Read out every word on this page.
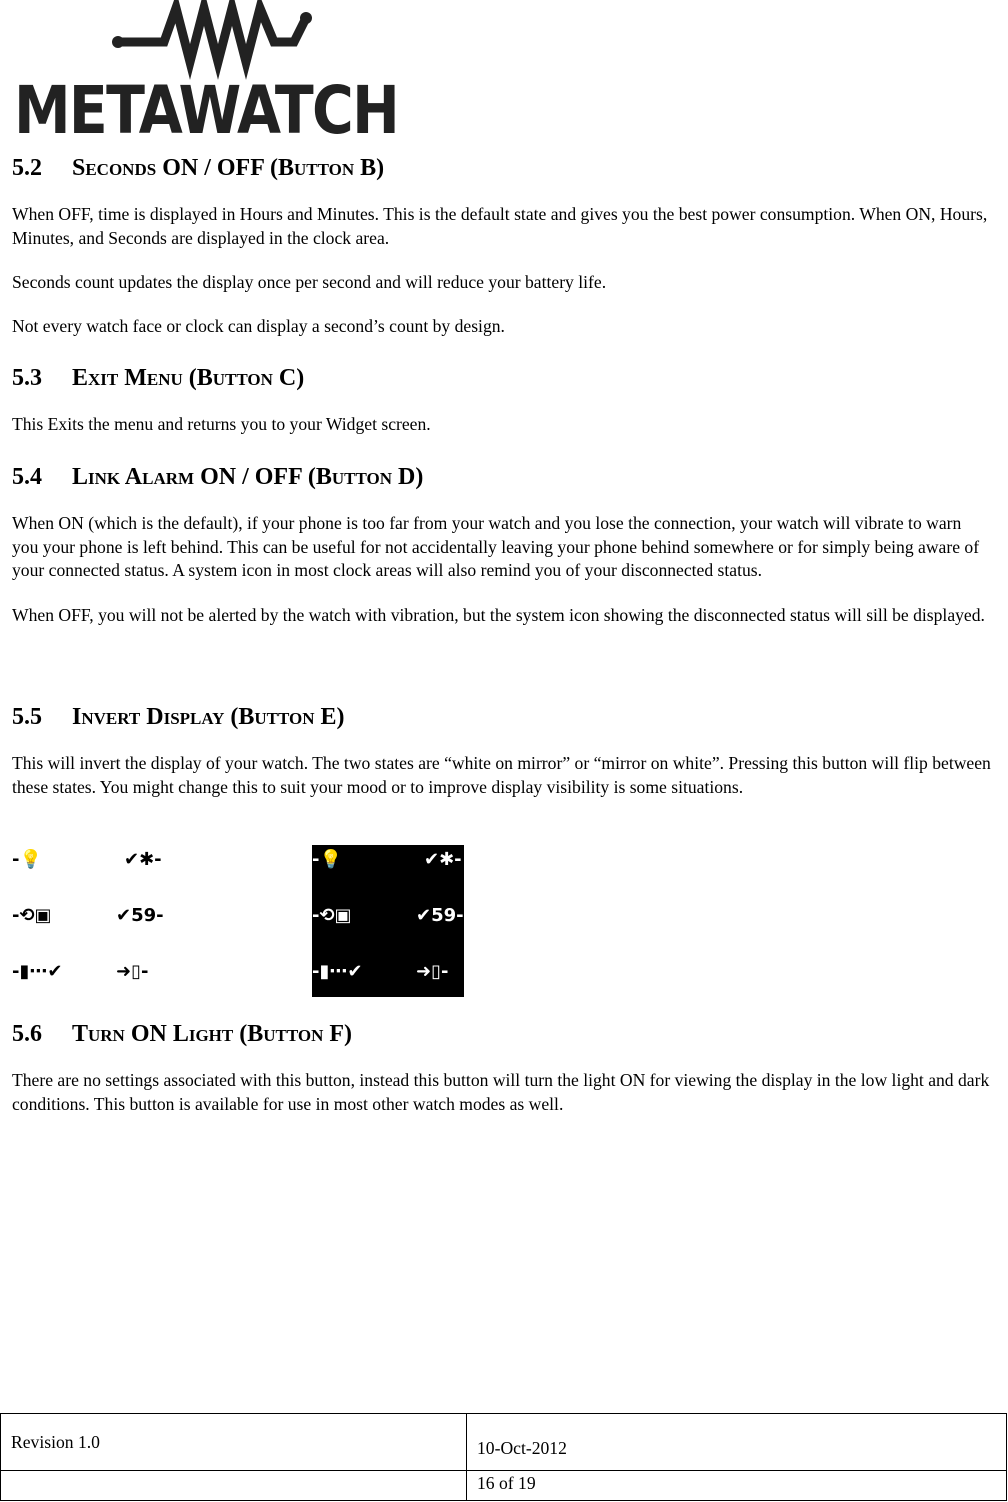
METAWATCH
5.2 Seconds ON / OFF (Button B)

When OFF, time is displayed in Hours and Minutes. This is the default state and gives you the best power consumption. When ON, Hours, Minutes, and Seconds are displayed in the clock area.

Seconds count updates the display once per second and will reduce your battery life.

Not every watch face or clock can display a second’s count by design.

5.3 Exit Menu (Button C)

This Exits the menu and returns you to your Widget screen.

5.4 Link Alarm ON / OFF (Button D)

When ON (which is the default), if your phone is too far from your watch and you lose the connection, your watch will vibrate to warn you your phone is left behind. This can be useful for not accidentally leaving your phone behind somewhere or for simply being aware of your connected status. A system icon in most clock areas will also remind you of your disconnected status.

When OFF, you will not be alerted by the watch with vibration, but the system icon showing the disconnected status will sill be displayed.

5.5 Invert Display (Button E)

This will invert the display of your watch. The two states are “white on mirror” or “mirror on white”. Pressing this button will flip between these states. You might change this to suit your mood or to improve display visibility is some situations.

5.6 Turn ON Light (Button F)

There are no settings associated with this button, instead this button will turn the light ON for viewing the display in the low light and dark conditions. This button is available for use in most other watch modes as well.

-💡	✔✱-
-⟲▣	✔59-
-▮⋯✔	➜▯-
-💡	✔✱-
-⟲▣	✔59-
-▮⋯✔	➜▯-
Revision 1.0	10-Oct-2012
	16 of 19
